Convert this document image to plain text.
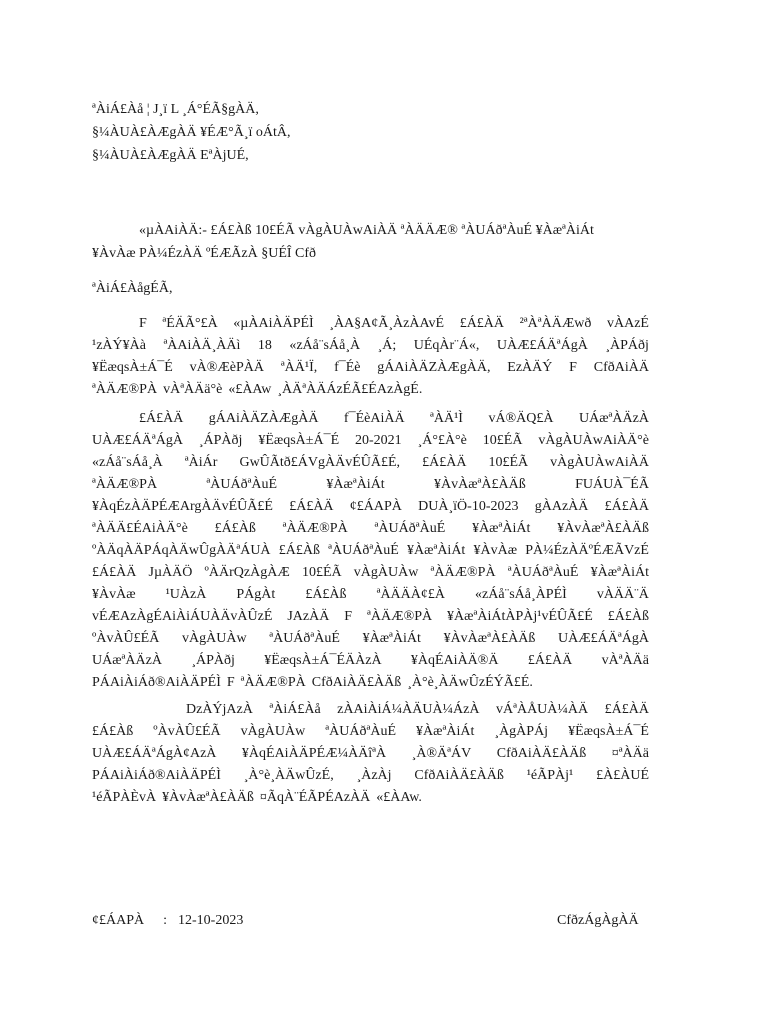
ªÀiÁ£Àå ¦ J¸ï L ¸Á°ÉÃ§gÀÄ,
§¼ÀUÀ£ÀÆgÀÄ ¥ÉÆ°Ã¸ï oÁtÂ,
§¼ÀUÀ£ÀÆgÀÄ EªÀjUÉ,
«µÀAiÀÄ:- £Á£Àß 10£ÉÃ vÀgÀUÀwAiÀÄ ªÀÄÄÆ® ªÀUÁðªÀuÉ ¥ÀæªÀiÁt
¥ÀvÀæ PÀ¼ÉzÀÄ ºÉÆÃzÀ §UÉÎ Cfð
ªÀiÁ£ÀågÉÃ,
F ªÉÄÃ°£À «µÀAiÀÄPÉÌ ¸ÀA§A¢Ã¸ÀzÀAvÉ £Á£ÀÄ ²ªÀªÀÄÆwð vÀAzÉ
¹zÀÝ¥Àà ªÀAiÀÄ¸ÀÄì 18 «zÁå¨sÁå¸À ¸Á; UÉqÀr¨Á«, UÀÆ£ÁÄªÁgÀ ¸ÀPÁðj
¥ËæqsÀ±Á¯É vÀ®ÆèPÀÄ ªÀÄ¹Ï, f¯Éè gÁAiÀÄZÀÆgÀÄ, EzÀÄÝ F CfðAiÀÄ
ªÀÄÆ®PÀ vÀªÀÄä°è «£ÀAw ¸ÀÄªÀÄÁzÉÃ£ÉAzÀgÉ.
£Á£ÀÄ gÁAiÀÄZÀÆgÀÄ f¯ÉèAiÀÄ ªÀÄ¹Ì vÁ®ÄQ£À UÁæªÀÄzÀ
UÀÆ£ÁÄªÁgÀ ¸ÁPÀðj ¥ËæqsÀ±Á¯É 20-2021 ¸Á°£À°è 10£ÉÃ vÀgÀUÀwAiÀÄ°è
«zÁå¨sÁå¸À ªÀiÁr GwÛÃtð£ÁVgÀÄvÉÛÃ£É, £Á£ÀÄ 10£ÉÃ vÀgÀUÀwAiÀÄ
ªÀÄÆ®PÀ	ªÀUÁðªÀuÉ	¥ÀæªÀiÁt	¥ÀvÀæªÀ£ÀÄß	FUÁUÀ¯ÉÃ
¥ÀqÉzÀÄPÉÆArgÀÄvÉÛÃ£É £Á£ÀÄ ¢£ÁAPÀ DUÀ¸ïÖ-10-2023 gÀAzÀÄ £Á£ÀÄ
ªÀÄÄ£ÉAiÀÄ°è £Á£Àß ªÀÄÆ®PÀ ªÀUÁðªÀuÉ ¥ÀæªÀiÁt ¥ÀvÀæªÀ£ÀÄß
ºÀÄqÀÄPÁqÀÄwÛgÀÄªÁUÀ £Á£Àß ªÀUÁðªÀuÉ ¥ÀæªÀiÁt ¥ÀvÀæ PÀ¼ÉzÀÄºÉÆÃVzÉ
£Á£ÀÄ JµÀÄÖ ºÀÄrQzÀgÀÆ 10£ÉÃ vÀgÀUÀw ªÀÄÆ®PÀ ªÀUÁðªÀuÉ ¥ÀæªÀiÁt
¥ÀvÀæ ¹UÀzÀ PÁgÀt £Á£Àß ªÀÄÄÀ¢£À «zÁå¨sÁå¸ÀPÉÌ vÀÄÄ¨Ä
vÉÆAzÀgÉAiÀiÁUÀÄvÀÛzÉ JAzÀÄ F ªÀÄÆ®PÀ ¥ÀæªÀiÁtÀPÀj¹vÉÛÃ£É £Á£Àß
ºÀvÀÛ£ÉÃ vÀgÀUÀw ªÀUÁðªÀuÉ ¥ÀæªÀiÁt ¥ÀvÀæªÀ£ÀÄß UÀÆ£ÁÄªÁgÀ
UÁæªÀÄzÀ ¸ÁPÀðj ¥ËæqsÀ±Á¯ÉÄÀzÀ ¥ÀqÉAiÀÄ®Ä £Á£ÀÄ vÀªÀÄä
PÁAiÀiÁð®AiÀÄPÉÌ F ªÀÄÆ®PÀ CfðAiÀÄ£ÀÄß ¸À°è¸ÀÄwÛzÉÝÃ£É.
DzÀÝjAzÀ ªÀiÁ£Àå zÀAiÀiÁ¼ÀÄUÀ¼ÁzÀ vÁªÀÅUÀ¼ÀÄ £Á£ÀÄ
£Á£Àß ºÀvÀÛ£ÉÃ vÀgÀUÀw ªÀUÁðªÀuÉ ¥ÀæªÀiÁt ¸ÀgÀPÁj ¥ËæqsÀ±Á¯É
UÀÆ£ÁÄªÁgÀ¢AzÀ ¥ÀqÉAiÀÄPÉÆ¼ÀÄîªÀ ¸À®ÄªÁV CfðAiÀÄ£ÀÄß ¤ªÀÄä
PÁAiÀiÁð®AiÀÄPÉÌ ¸À°è¸ÀÄwÛzÉ, ¸ÀzÀj CfðAiÀÄ£ÀÄß ¹éÃPÀj¹ £À£ÀUÉ
¹éÃPÀÈvÀ ¥ÀvÀæªÀ£ÀÄß ¤ÃqÀ¨ÉÃPÉAzÀÄ «£ÀAw.
¢£ÁAPÀ : 12-10-2023	CfðzÁgÀgÀÄ
